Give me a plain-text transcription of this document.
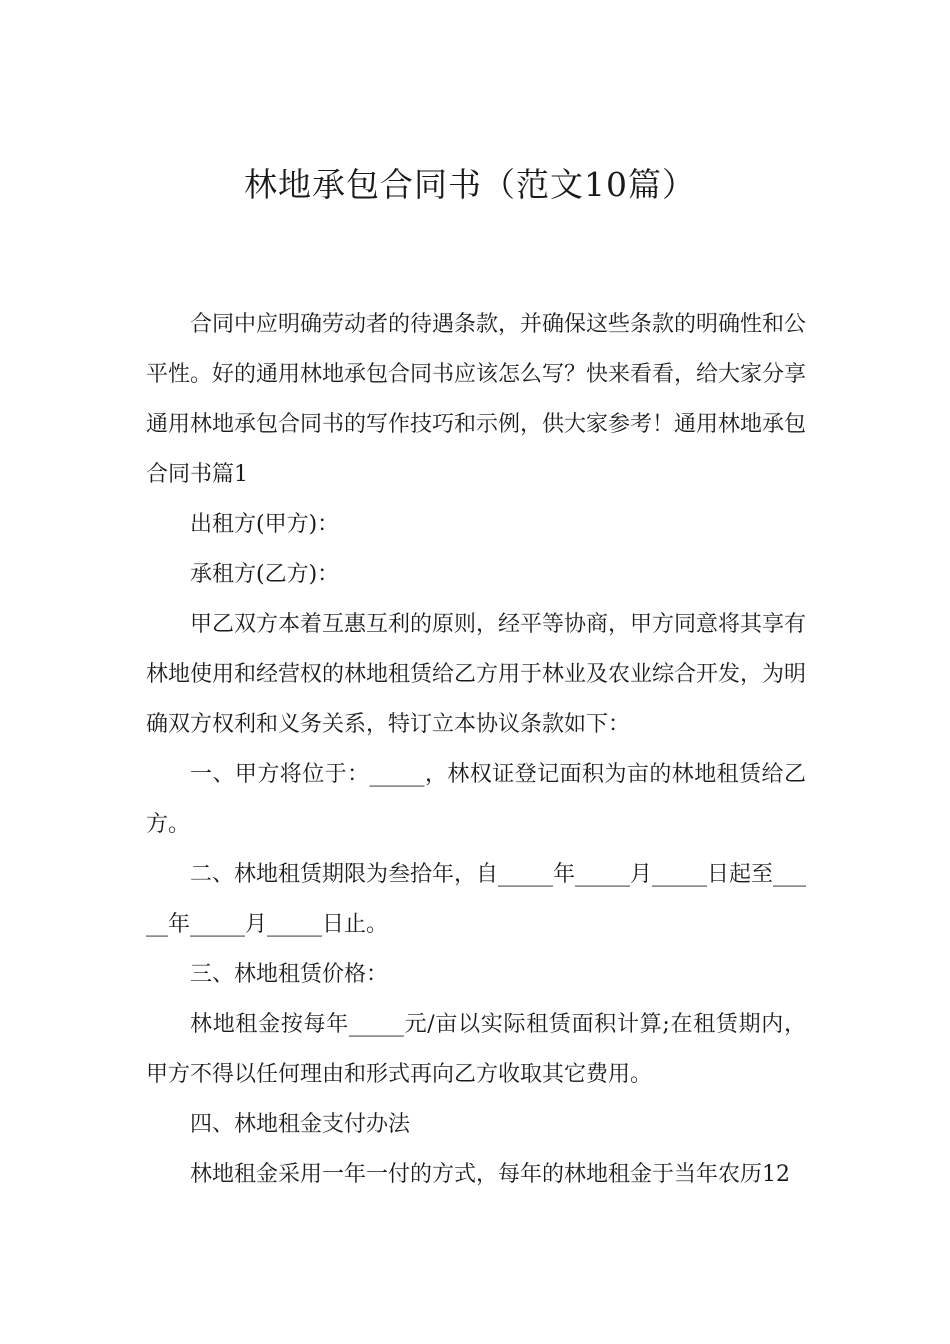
林地承包合同书（范文10篇）

合同中应明确劳动者的待遇条款，并确保这些条款的明确性和公平性。好的通用林地承包合同书应该怎么写？快来看看，给大家分享通用林地承包合同书的写作技巧和示例，供大家参考！通用林地承包合同书篇1

出租方(甲方)：

承租方(乙方)：

甲乙双方本着互惠互利的原则，经平等协商，甲方同意将其享有林地使用和经营权的林地租赁给乙方用于林业及农业综合开发，为明确双方权利和义务关系，特订立本协议条款如下：

一、甲方将位于：_____，林权证登记面积为亩的林地租赁给乙方。

二、林地租赁期限为叁拾年，自_____年_____月_____日起至_____年_____月_____日止。

三、林地租赁价格：

林地租金按每年_____元/亩以实际租赁面积计算;在租赁期内，甲方不得以任何理由和形式再向乙方收取其它费用。

四、林地租金支付办法

林地租金采用一年一付的方式，每年的林地租金于当年农历12
